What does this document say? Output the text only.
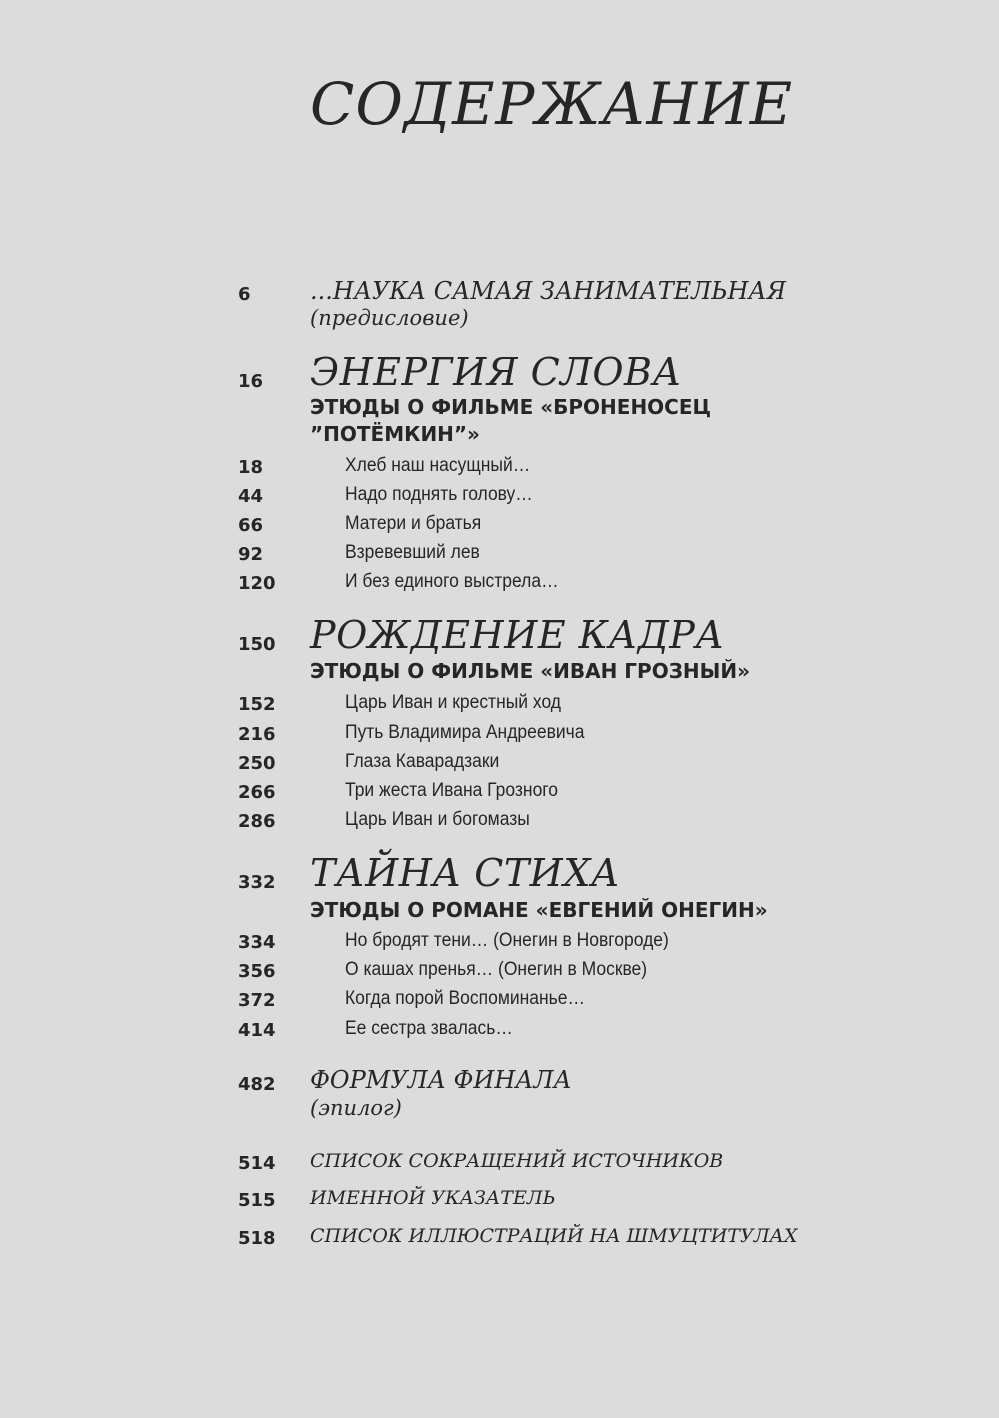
СОДЕРЖАНИЕ
6 ...НАУКА САМАЯ ЗАНИМАТЕЛЬНАЯ
(предисловие)
16 ЭНЕРГИЯ СЛОВА
ЭТЮДЫ О ФИЛЬМЕ «БРОНЕНОСЕЦ
”ПОТЁМКИН”»
18	Хлеб наш насущный…
44	Надо поднять голову…
66	Матери и братья
92	Взревевший лев
120	И без единого выстрела…
150 РОЖДЕНИЕ КАДРА
ЭТЮДЫ О ФИЛЬМЕ «ИВАН ГРОЗНЫЙ»
152	Царь Иван и крестный ход
216	Путь Владимира Андреевича
250	Глаза Каварадзаки
266	Три жеста Ивана Грозного
286	Царь Иван и богомазы
332 ТАЙНА СТИХА
ЭТЮДЫ О РОМАНЕ «ЕВГЕНИЙ ОНЕГИН»
334	Но бродят тени… (Онегин в Новгороде)
356	О кашах пренья… (Онегин в Москве)
372	Когда порой Воспоминанье…
414	Ее сестра звалась…
482 ФОРМУЛА ФИНАЛА
(эпилог)
514 СПИСОК СОКРАЩЕНИЙ ИСТОЧНИКОВ
515 ИМЕННОЙ УКАЗАТЕЛЬ
518 СПИСОК ИЛЛЮСТРАЦИЙ НА ШМУЦТИТУЛАХ
